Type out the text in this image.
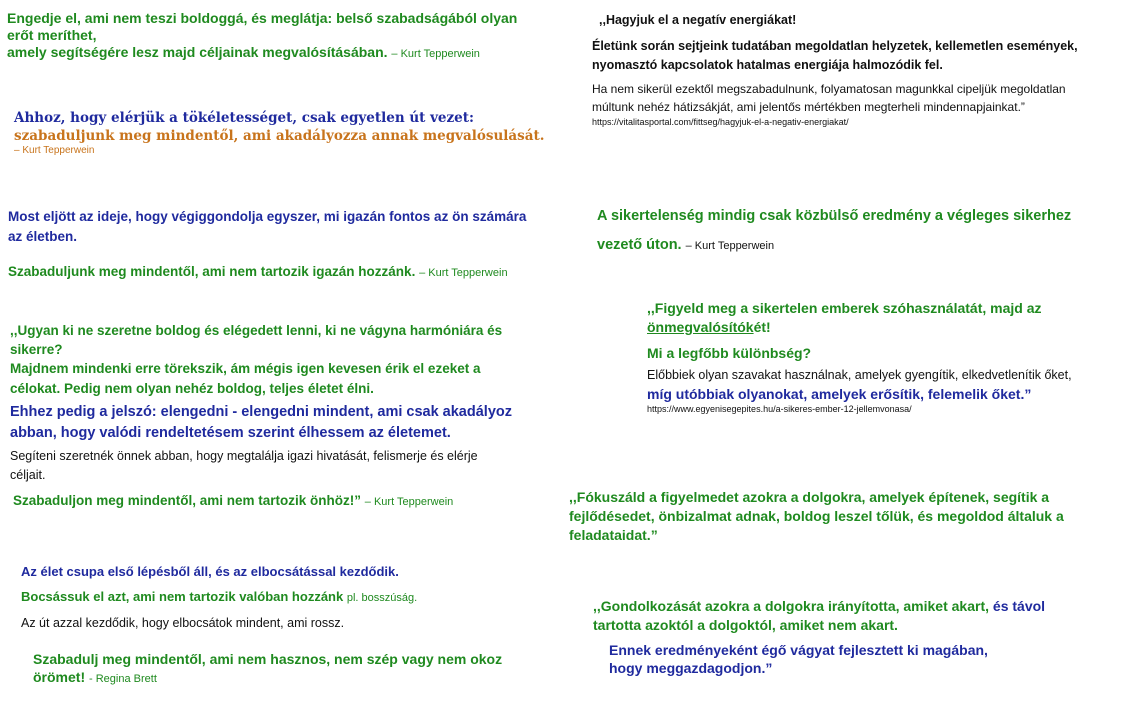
Engedje el, ami nem teszi boldoggá, és meglátja: belső szabadságából olyan
erőt meríthet,
amely segítségére lesz majd céljainak megvalósításában. – Kurt Tepperwein
Ahhoz, hogy elérjük a tökéletességet, csak egyetlen út vezet:
szabaduljunk meg mindentől, ami akadályozza annak megvalósulását.
– Kurt Tepperwein
Most eljött az ideje, hogy végiggondolja egyszer, mi igazán fontos az ön számára
az életben.
Szabaduljunk meg mindentől, ami nem tartozik igazán hozzánk. – Kurt Tepperwein
,,Ugyan ki ne szeretne boldog és elégedett lenni, ki ne vágyna harmóniára és
sikerre?
Majdnem mindenki erre törekszik, ám mégis igen kevesen érik el ezeket a
célokat. Pedig nem olyan nehéz boldog, teljes életet élni.
Ehhez pedig a jelszó: elengedni - elengedni mindent, ami csak akadályoz
abban, hogy valódi rendeltetésem szerint élhessem az életemet.
Segíteni szeretnék önnek abban, hogy megtalálja igazi hivatását, felismerje és elérje
céljait.
Szabaduljon meg mindentől, ami nem tartozik önhöz!” – Kurt Tepperwein
Az élet csupa első lépésből áll, és az elbocsátással kezdődik.
Bocsássuk el azt, ami nem tartozik valóban hozzánk pl. bosszúság.
Az út azzal kezdődik, hogy elbocsátok mindent, ami rossz.
Szabadulj meg mindentől, ami nem hasznos, nem szép vagy nem okoz
örömet! - Regina Brett
,,Hagyjuk el a negatív energiákat!
Életünk során sejtjeink tudatában megoldatlan helyzetek, kellemetlen események,
nyomasztó kapcsolatok hatalmas energiája halmozódik fel.
Ha nem sikerül ezektől megszabadulnunk, folyamatosan magunkkal cipeljük megoldatlan
múltunk nehéz hátizsákját, ami jelentős mértékben megterheli mindennapjainkat.”
https://vitalitasportal.com/fittseg/hagyjuk-el-a-negativ-energiakat/
A sikertelenség mindig csak közbülső eredmény a végleges sikerhez
vezető úton. – Kurt Tepperwein
,,Figyeld meg a sikertelen emberek szóhasználatát, majd az
önmegvalósítókét!
Mi a legfőbb különbség?
Előbbiek olyan szavakat használnak, amelyek gyengítik, elkedvetlenítik őket,
míg utóbbiak olyanokat, amelyek erősítik, felemelik őket.”
https://www.egyenisegepites.hu/a-sikeres-ember-12-jellemvonasa/
,,Fókuszáld a figyelmedet azokra a dolgokra, amelyek építenek, segítik a
fejlődésedet, önbizalmat adnak, boldog leszel tőlük, és megoldod általuk a
feladataidat.”
,,Gondolkozását azokra a dolgokra irányította, amiket akart, és távol
tartotta azoktól a dolgoktól, amiket nem akart.
Ennek eredményeként égő vágyat fejlesztett ki magában,
hogy meggazdagodjon.”
